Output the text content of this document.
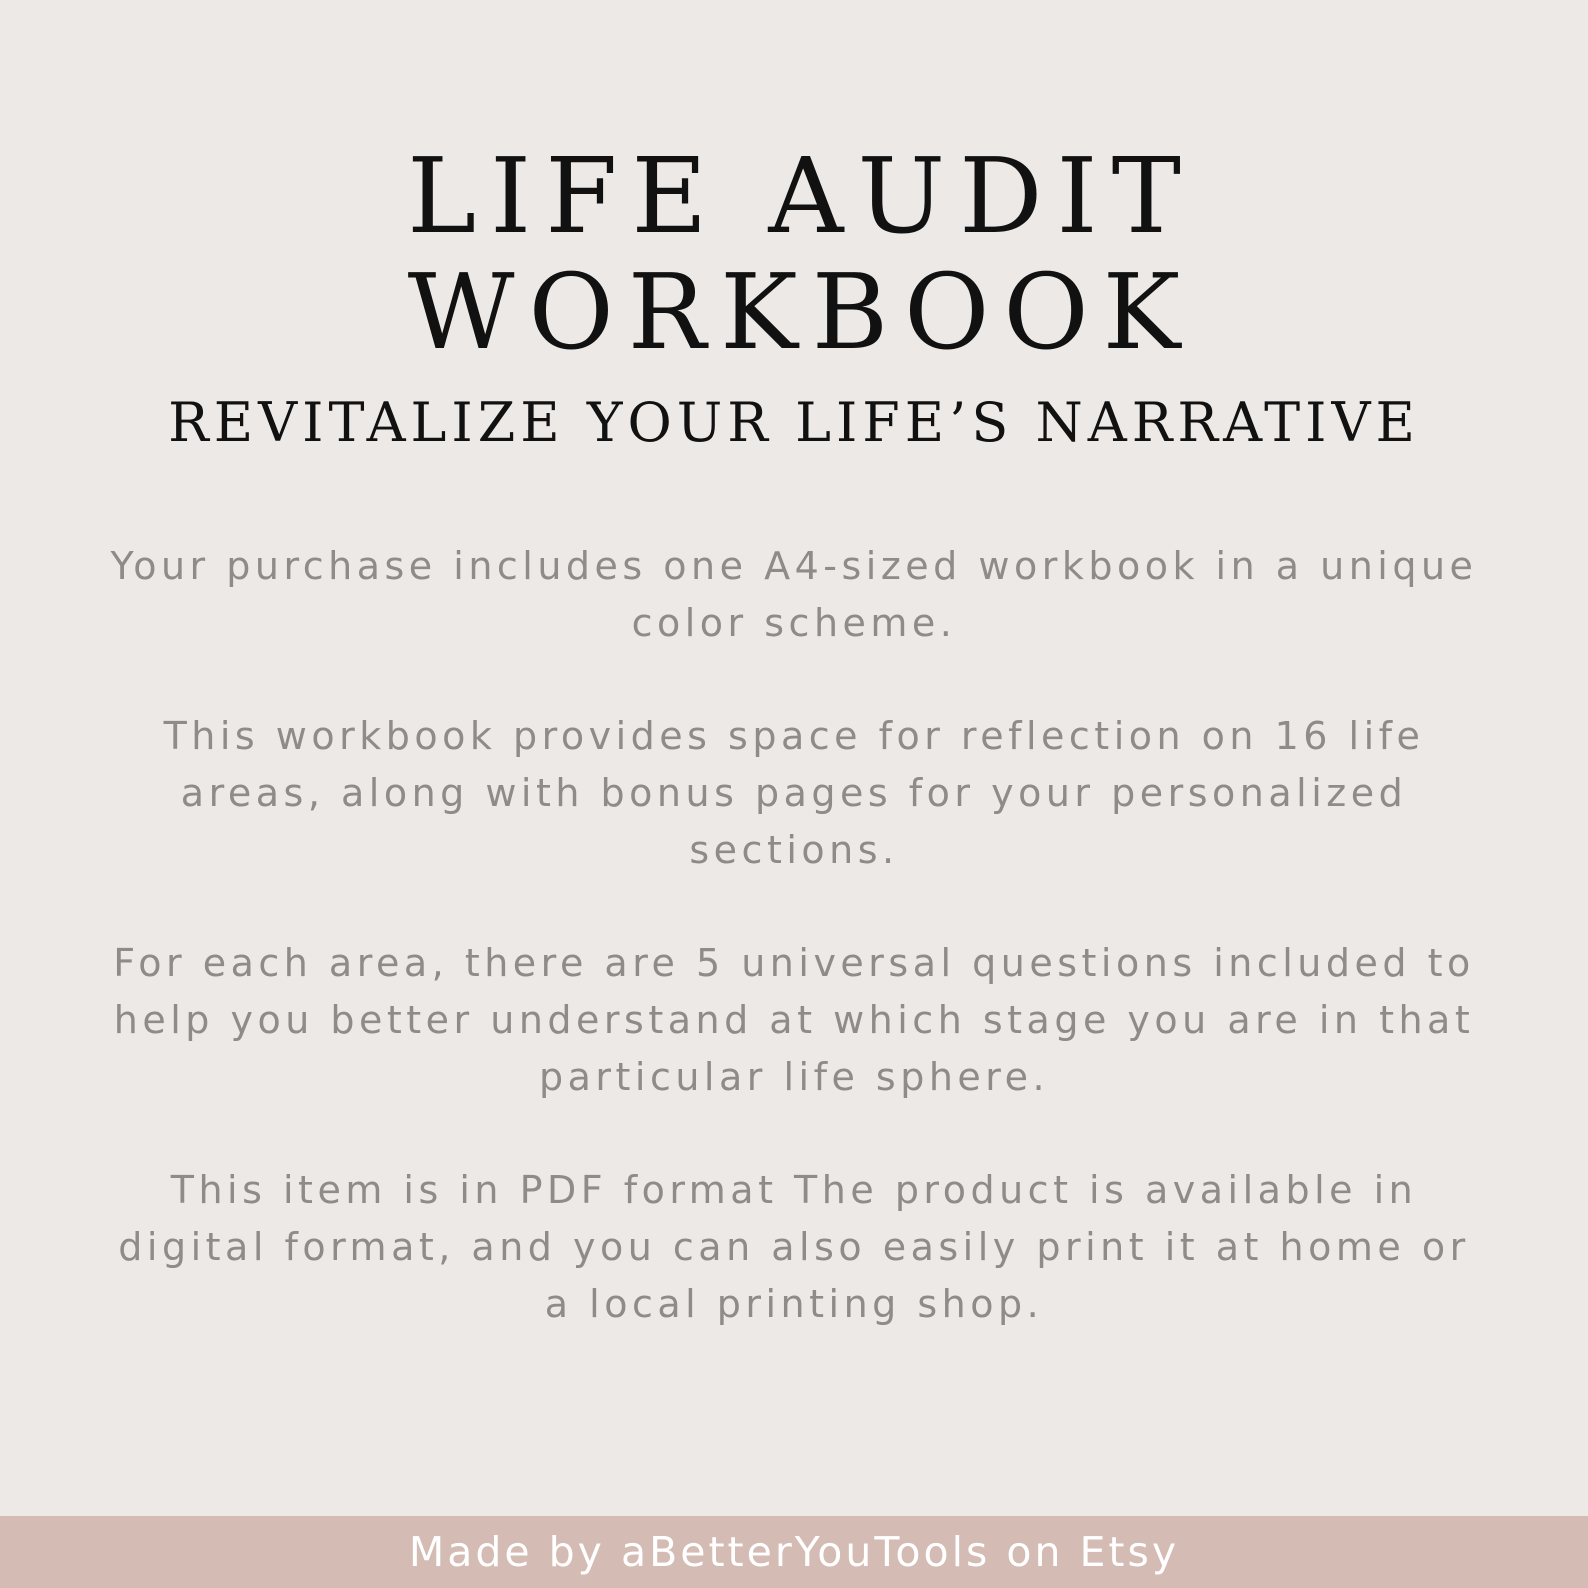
LIFE AUDIT
WORKBOOK
REVITALIZE YOUR LIFE’S NARRATIVE

Your purchase includes one A4-sized workbook in a unique color scheme.

This workbook provides space for reflection on 16 life areas, along with bonus pages for your personalized sections.

For each area, there are 5 universal questions included to help you better understand at which stage you are in that particular life sphere.

This item is in PDF format The product is available in digital format, and you can also easily print it at home or a local printing shop.

Made by aBetterYouTools on Etsy
